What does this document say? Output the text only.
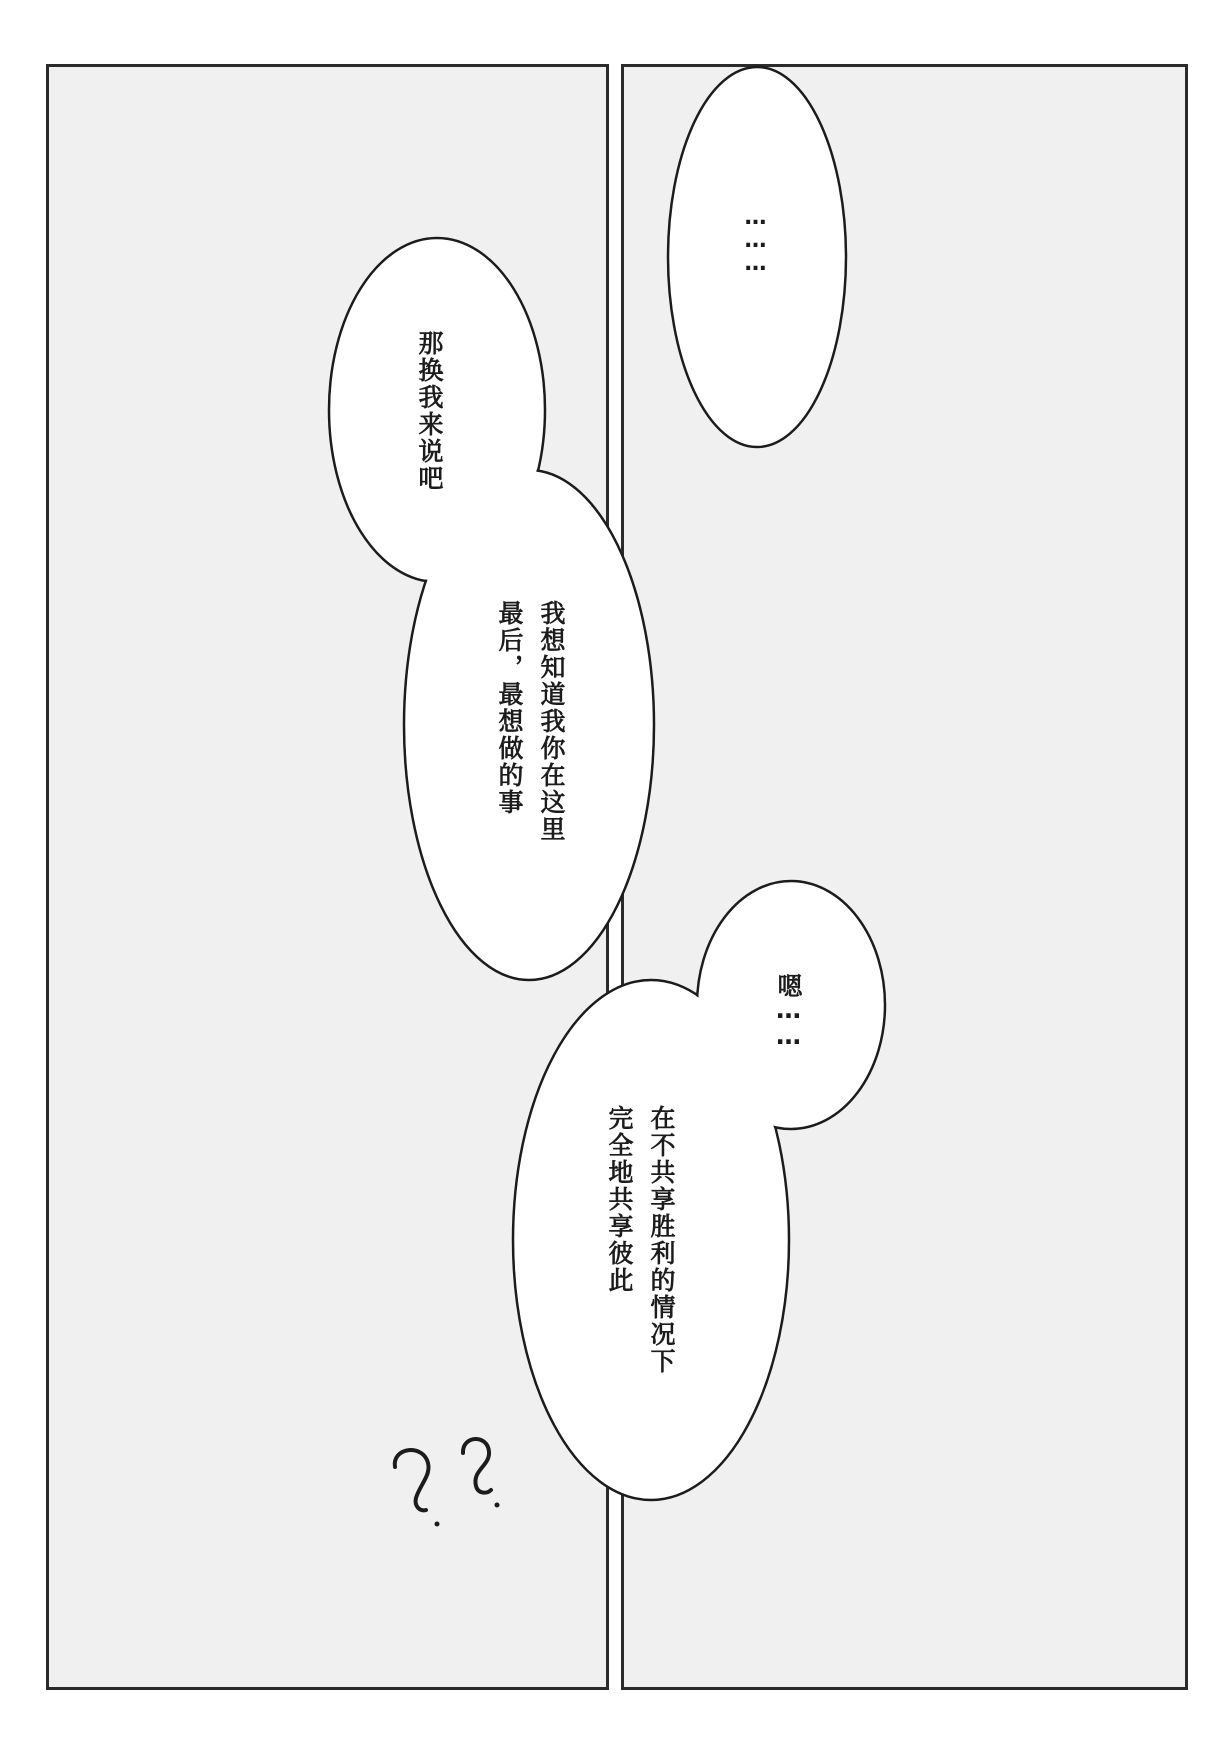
………
那换我来说吧
我想知道我你在这里
最后，最想做的事
嗯……
在不共享胜利的情况下
完全地共享彼此
